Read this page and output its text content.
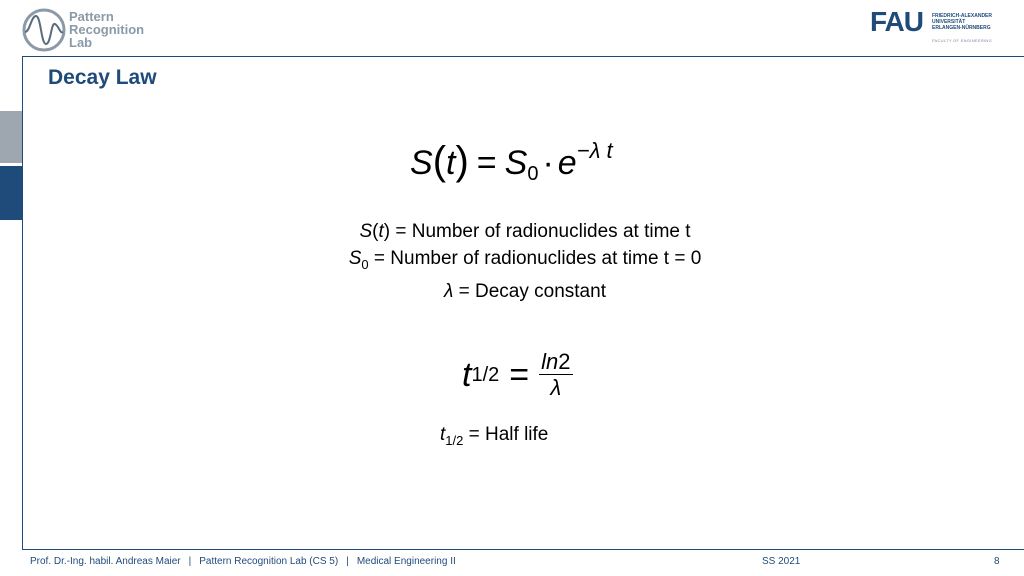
Pattern
Recognition
Lab
FAU FRIEDRICH-ALEXANDER
UNIVERSITÄT
ERLANGEN-NÜRNBERG
FACULTY OF ENGINEERING
Decay Law
$S(t) = S_0 \cdot e^{-\lambda t}$
S(t) = Number of radionuclides at time t
$S_0$ = Number of radionuclides at time t = 0
λ = Decay constant
t $1/2 = \frac{\ln 2}{\lambda}$
$t_{1/2}$ = Half life
Prof. Dr.-Ing. habil. Andreas Maier | Pattern Recognition Lab (CS 5) | Medical Engineering II	SS 2021	8
